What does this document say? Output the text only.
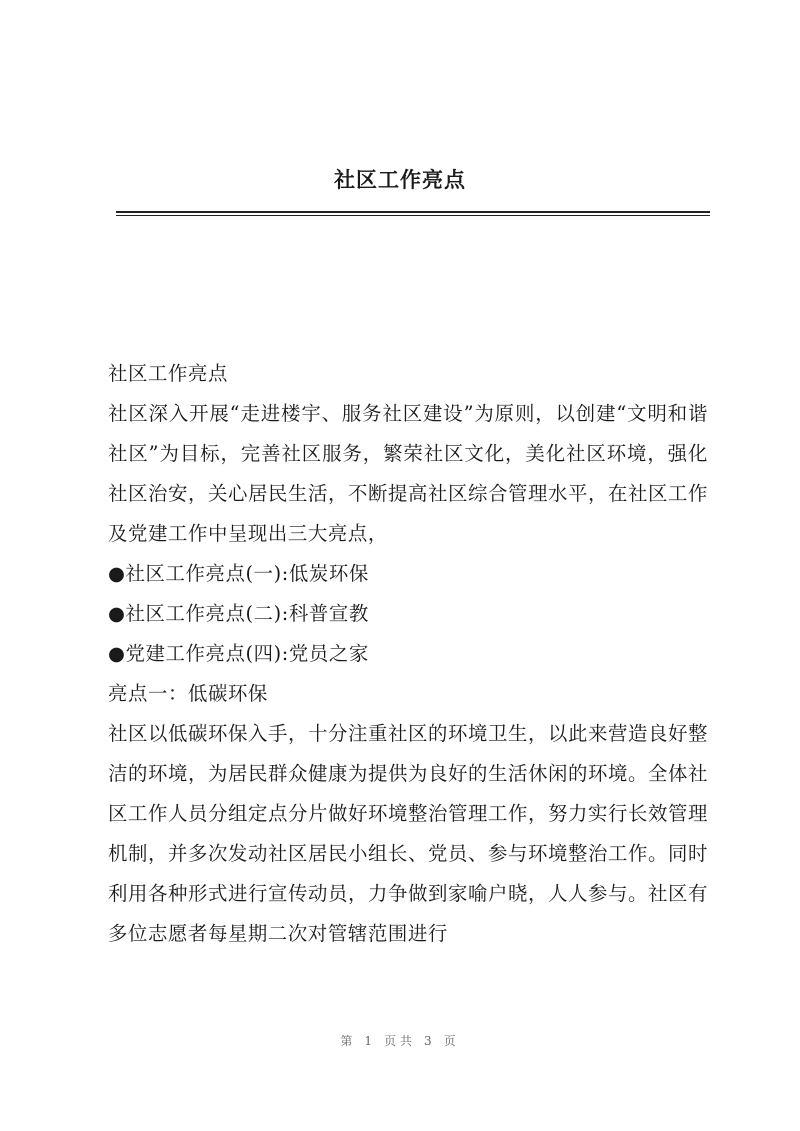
社区工作亮点

社区工作亮点

社区深入开展“走进楼宇、服务社区建设”为原则，以创建“文明和谐社区”为目标，完善社区服务，繁荣社区文化，美化社区环境，强化社区治安，关心居民生活，不断提高社区综合管理水平，在社区工作及党建工作中呈现出三大亮点，

●社区工作亮点(一):低炭环保

●社区工作亮点(二):科普宣教

●党建工作亮点(四):党员之家

亮点一：低碳环保

社区以低碳环保入手，十分注重社区的环境卫生，以此来营造良好整洁的环境，为居民群众健康为提供为良好的生活休闲的环境。全体社区工作人员分组定点分片做好环境整治管理工作，努力实行长效管理机制，并多次发动社区居民小组长、党员、参与环境整治工作。同时利用各种形式进行宣传动员，力争做到家喻户晓，人人参与。社区有多位志愿者每星期二次对管辖范围进行

第 1 页共 3 页
